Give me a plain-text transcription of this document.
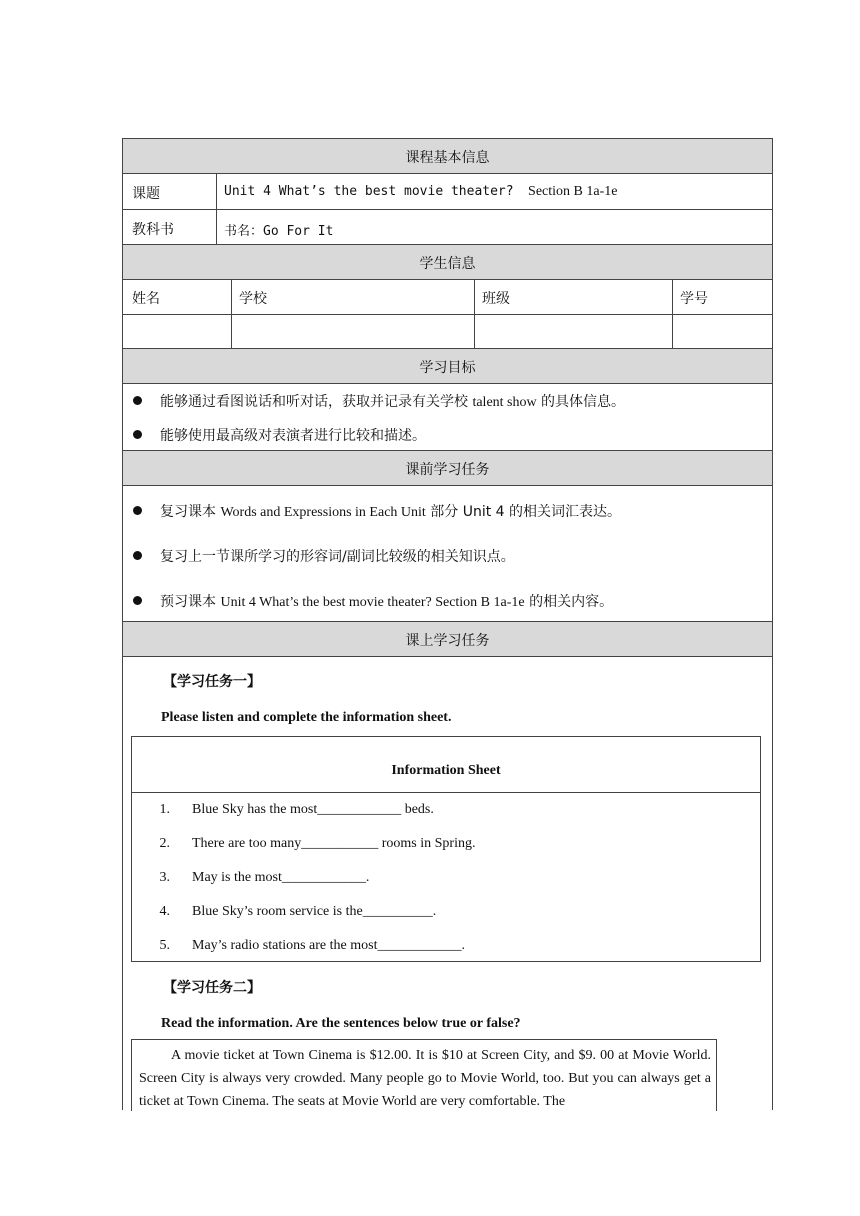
课程基本信息
课题	Unit 4 What’s the best movie theater? Section B 1a-1e
教科书	书名：Go For It
学生信息
姓名	学校	班级	学号
学习目标
能够通过看图说话和听对话，获取并记录有关学校 talent show 的具体信息。
能够使用最高级对表演者进行比较和描述。
课前学习任务
复习课本 Words and Expressions in Each Unit 部分 Unit 4 的相关词汇表达。
复习上一节课所学习的形容词/副词比较级的相关知识点。
预习课本 Unit 4 What’s the best movie theater? Section B 1a-1e 的相关内容。
课上学习任务
【学习任务一】
Please listen and complete the information sheet.
Information Sheet
1. Blue Sky has the most____________ beds.
2. There are too many___________ rooms in Spring.
3. May is the most____________.
4. Blue Sky’s room service is the__________.
5. May’s radio stations are the most____________.
【学习任务二】
Read the information. Are the sentences below true or false?
A movie ticket at Town Cinema is $12.00. It is $10 at Screen City, and $9. 00 at Movie World. Screen City is always very crowded. Many people go to Movie World, too. But you can always get a ticket at Town Cinema. The seats at Movie World are very comfortable. The
